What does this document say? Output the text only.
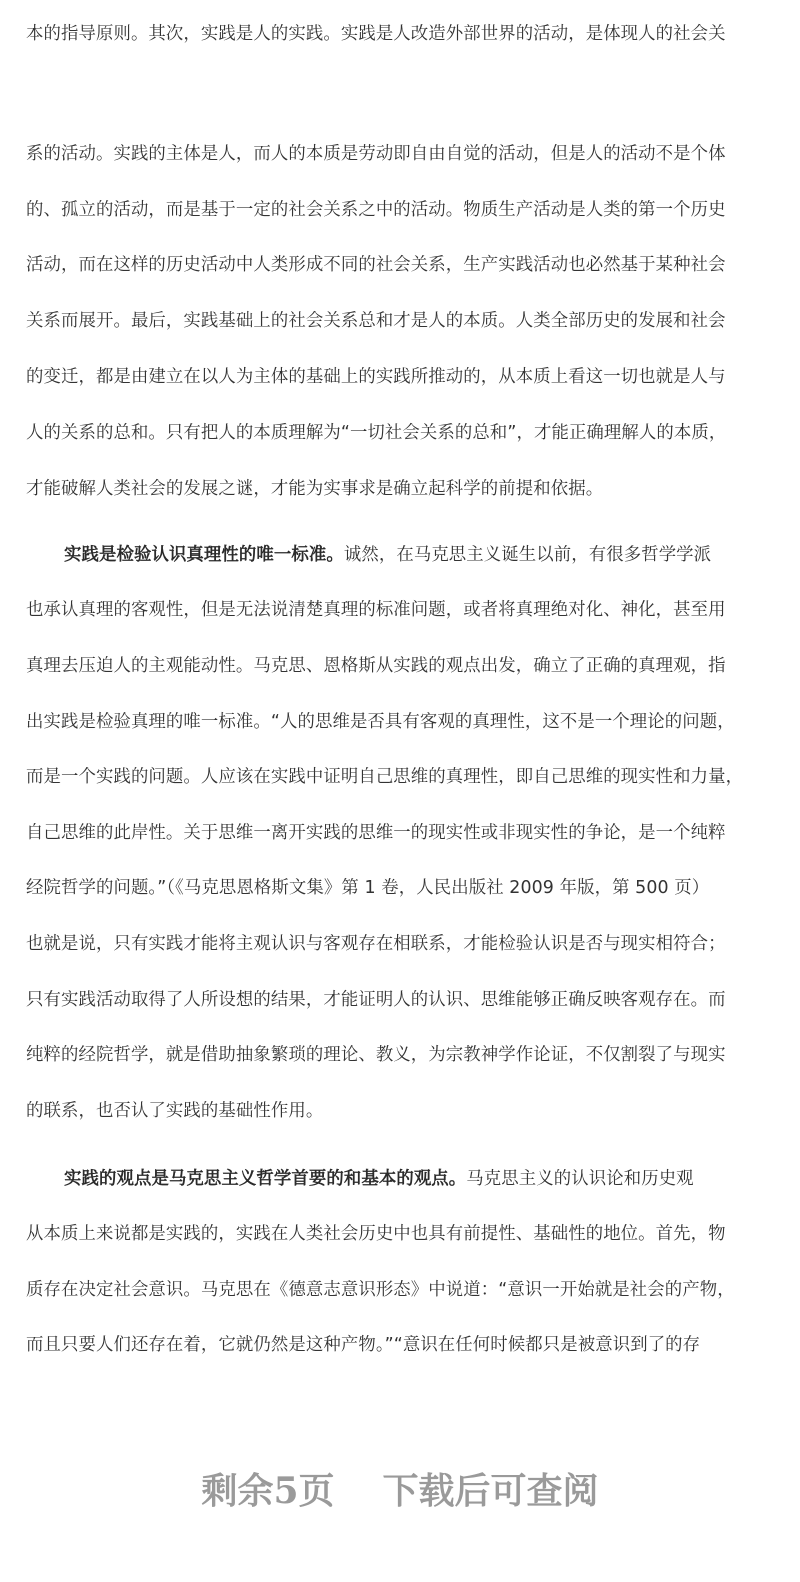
本的指导原则。其次，实践是人的实践。实践是人改造外部世界的活动，是体现人的社会关
系的活动。实践的主体是人，而人的本质是劳动即自由自觉的活动，但是人的活动不是个体
的、孤立的活动，而是基于一定的社会关系之中的活动。物质生产活动是人类的第一个历史
活动，而在这样的历史活动中人类形成不同的社会关系，生产实践活动也必然基于某种社会
关系而展开。最后，实践基础上的社会关系总和才是人的本质。人类全部历史的发展和社会
的变迁，都是由建立在以人为主体的基础上的实践所推动的，从本质上看这一切也就是人与
人的关系的总和。只有把人的本质理解为“一切社会关系的总和”，才能正确理解人的本质，
才能破解人类社会的发展之谜，才能为实事求是确立起科学的前提和依据。
实践是检验认识真理性的唯一标准。诚然，在马克思主义诞生以前，有很多哲学学派
也承认真理的客观性，但是无法说清楚真理的标准问题，或者将真理绝对化、神化，甚至用
真理去压迫人的主观能动性。马克思、恩格斯从实践的观点出发，确立了正确的真理观，指
出实践是检验真理的唯一标准。“人的思维是否具有客观的真理性，这不是一个理论的问题，
而是一个实践的问题。人应该在实践中证明自己思维的真理性，即自己思维的现实性和力量，
自己思维的此岸性。关于思维一离开实践的思维一的现实性或非现实性的争论，是一个纯粹
经院哲学的问题。”（《马克思恩格斯文集》第 1 卷，人民出版社 2009 年版，第 500 页）
也就是说，只有实践才能将主观认识与客观存在相联系，才能检验认识是否与现实相符合；
只有实践活动取得了人所设想的结果，才能证明人的认识、思维能够正确反映客观存在。而
纯粹的经院哲学，就是借助抽象繁琐的理论、教义，为宗教神学作论证，不仅割裂了与现实
的联系，也否认了实践的基础性作用。
实践的观点是马克思主义哲学首要的和基本的观点。马克思主义的认识论和历史观
从本质上来说都是实践的，实践在人类社会历史中也具有前提性、基础性的地位。首先，物
质存在决定社会意识。马克思在《德意志意识形态》中说道：“意识一开始就是社会的产物，
而且只要人们还存在着，它就仍然是这种产物。”“意识在任何时候都只是被意识到了的存
剩余5页 下载后可查阅
